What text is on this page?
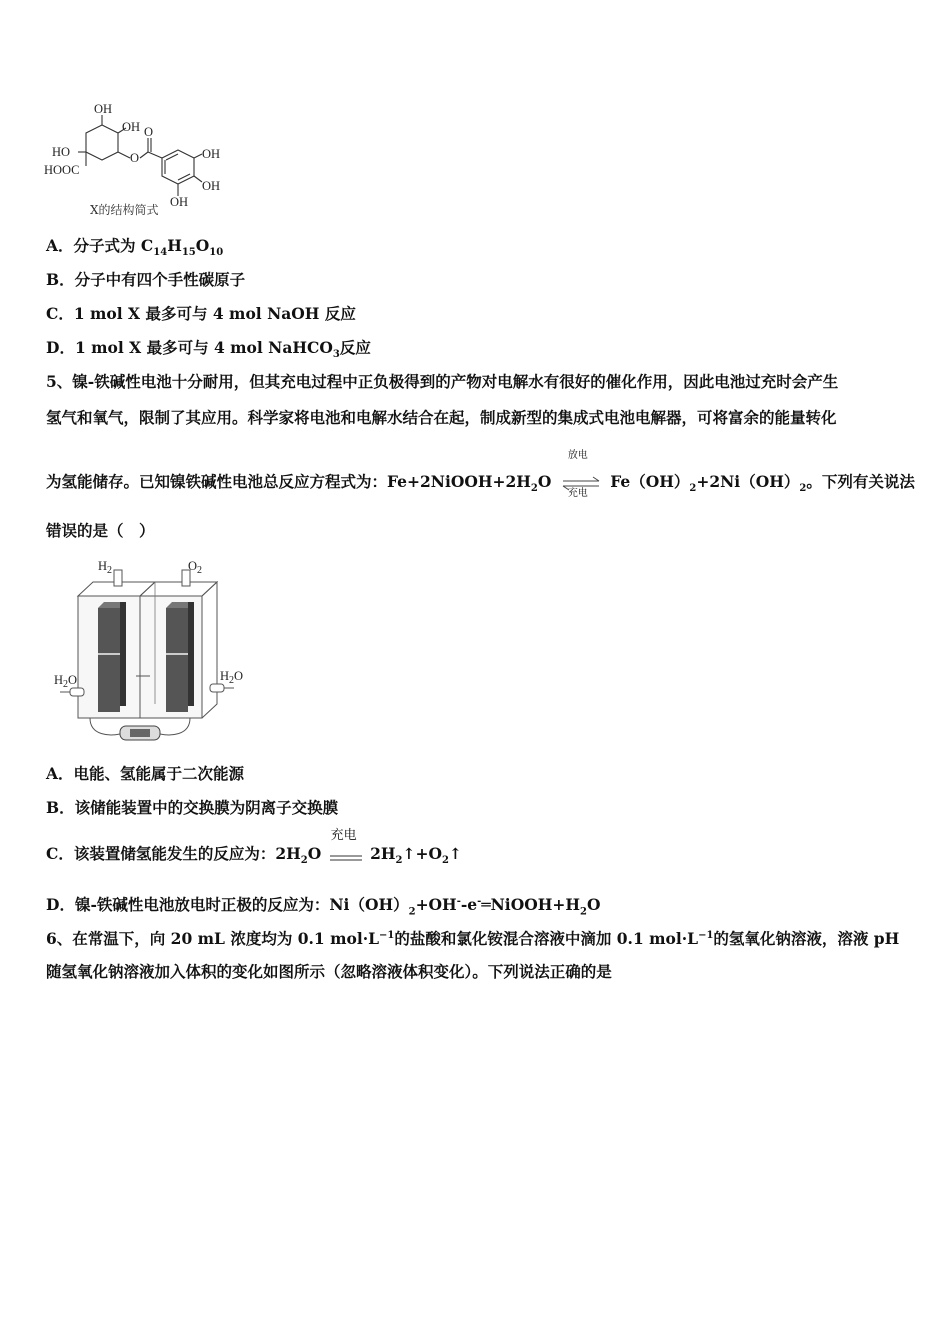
OH
OH
HO
HOOC
O
O
OH
OH
OH
X的结构简式
A．分子式为 $C_{14}H_{15}O_{10}$
B．分子中有四个手性碳原子
C．1 mol X 最多可与 4 mol NaOH 反应
D．1 mol X 最多可与 4 mol NaHCO$_3$反应
5、镍-铁碱性电池十分耐用，但其充电过程中正负极得到的产物对电解水有很好的催化作用，因此电池过充时会产生
氢气和氧气，限制了其应用。科学家将电池和电解水结合在起，制成新型的集成式电池电解器，可将富余的能量转化
为氢能储存。已知镍铁碱性电池总反应方程式为：$Fe+2NiOOH+2H_2O$
放电
充电
$Fe(OH)_2+2Ni(OH)_2$。下列有关说法
错误的是（　）
$H_2$	$O_2$
$H_2O$	$H_2O$
A．电能、氢能属于二次能源
B．该储能装置中的交换膜为阴离子交换膜
C．该装置储氢能发生的反应为：$2H_2O$
充电
$2H_2↑+O_2↑$
D．镍-铁碱性电池放电时正极的反应为：$Ni(OH)_2+OH^--e^-═NiOOH+H_2O$
6、在常温下，向 20 mL 浓度均为 0.1 $mol\cdot L^{-1}$的盐酸和氯化铵混合溶液中滴加 0.1 $mol\cdot L^{-1}$的氢氧化钠溶液，溶液 pH
随氢氧化钠溶液加入体积的变化如图所示（忽略溶液体积变化）。下列说法正确的是
